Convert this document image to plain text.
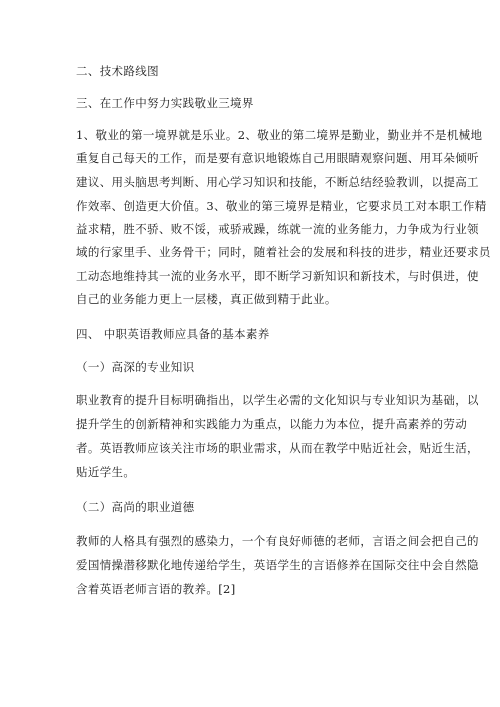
二、技术路线图
三、在工作中努力实践敬业三境界
1、敬业的第一境界就是乐业。2、敬业的第二境界是勤业，勤业并不是机械地
重复自己每天的工作，而是要有意识地锻炼自己用眼睛观察问题、用耳朵倾听
建议、用头脑思考判断、用心学习知识和技能，不断总结经验教训，以提高工
作效率、创造更大价值。3、敬业的第三境界是精业，它要求员工对本职工作精
益求精，胜不骄、败不馁，戒骄戒躁，练就一流的业务能力，力争成为行业领
域的行家里手、业务骨干；同时，随着社会的发展和科技的进步，精业还要求员
工动态地维持其一流的业务水平，即不断学习新知识和新技术，与时俱进，使
自己的业务能力更上一层楼，真正做到精于此业。
四、 中职英语教师应具备的基本素养
（一）高深的专业知识
职业教育的提升目标明确指出，以学生必需的文化知识与专业知识为基础，以
提升学生的创新精神和实践能力为重点，以能力为本位，提升高素养的劳动
者。英语教师应该关注市场的职业需求，从而在教学中贴近社会，贴近生活，
贴近学生。
（二）高尚的职业道德
教师的人格具有强烈的感染力，一个有良好师德的老师，言语之间会把自己的
爱国情操潜移默化地传递给学生，英语学生的言语修养在国际交往中会自然隐
含着英语老师言语的教养。[2]
